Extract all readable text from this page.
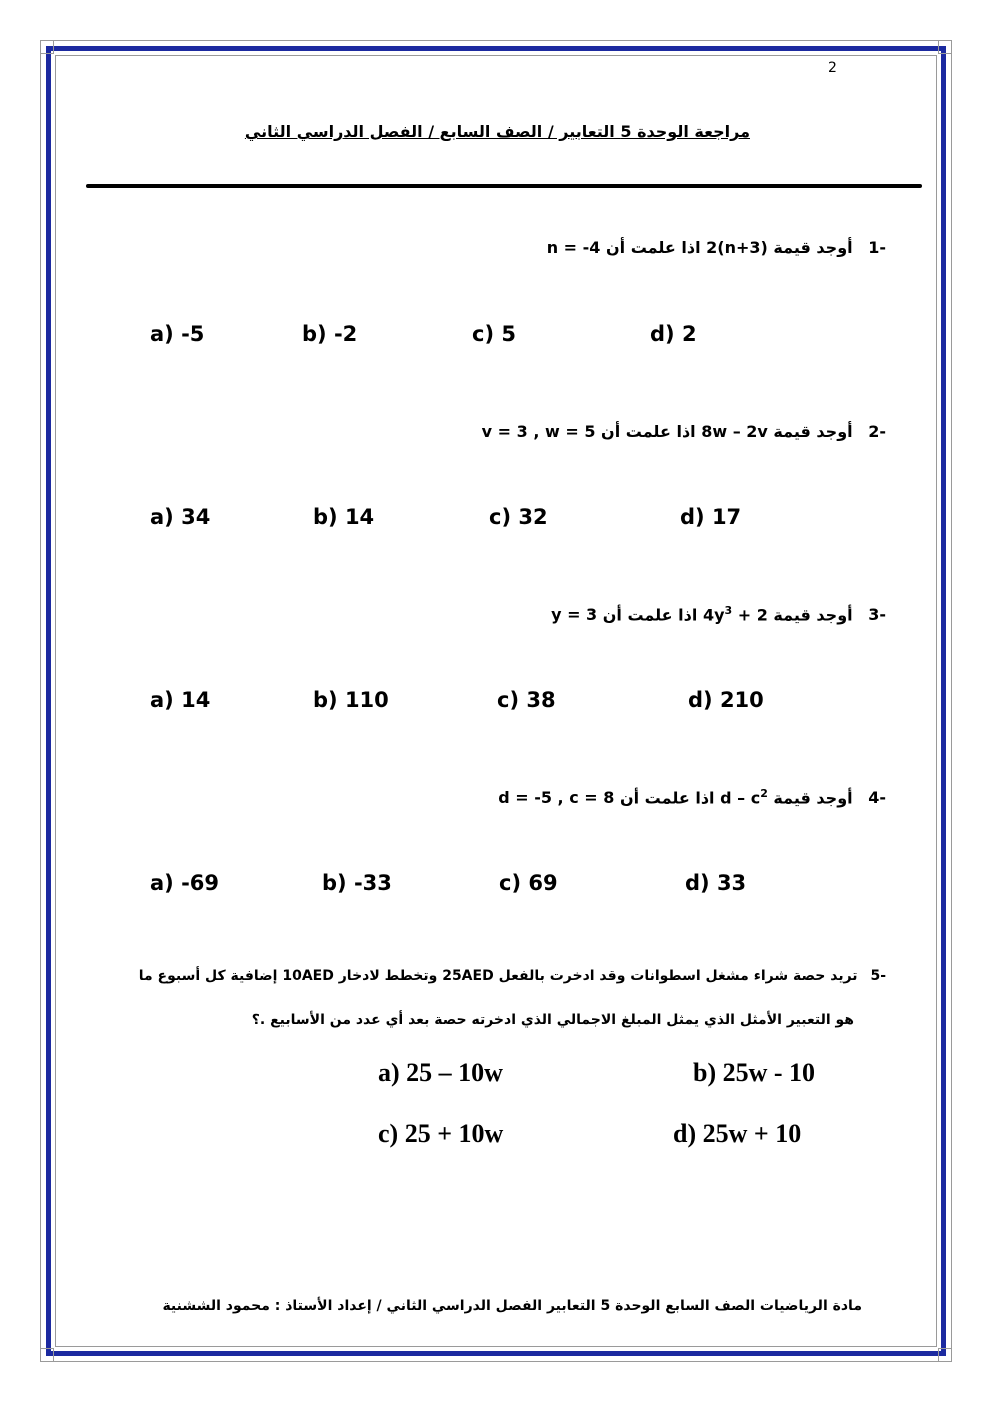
2
مراجعة الوحدة 5 التعابير / الصف السابع / الفصل الدراسي الثاني
-1 أوجد قيمة 2(n+3) اذا علمت أن n = -4
a) -5	b) -2	c) 5	d) 2
-2 أوجد قيمة 8w – 2v اذا علمت أن v = 3 , w = 5
a) 34	b) 14	c) 32	d) 17
-3 أوجد قيمة $4y^3 + 2$ اذا علمت أن y = 3
a) 14	b) 110	c) 38	d) 210
-4 أوجد قيمة d – $c^2$ اذا علمت أن d = -5 , c = 8
a) -69	b) -33	c) 69	d) 33
-5 تريد حصة شراء مشغل اسطوانات وقد ادخرت بالفعل 25AED وتخطط لادخار 10AED إضافية كل أسبوع ما
هو التعبير الأمثل الذي يمثل المبلغ الاجمالي الذي ادخرته حصة بعد أي عدد من الأسابيع .؟
a) 25 – 10w	b) 25w - 10
c) 25 + 10w	d) 25w + 10
مادة الرياضيات الصف السابع الوحدة 5 التعابير الفصل الدراسي الثاني / إعداد الأستاذ : محمود الششنية
